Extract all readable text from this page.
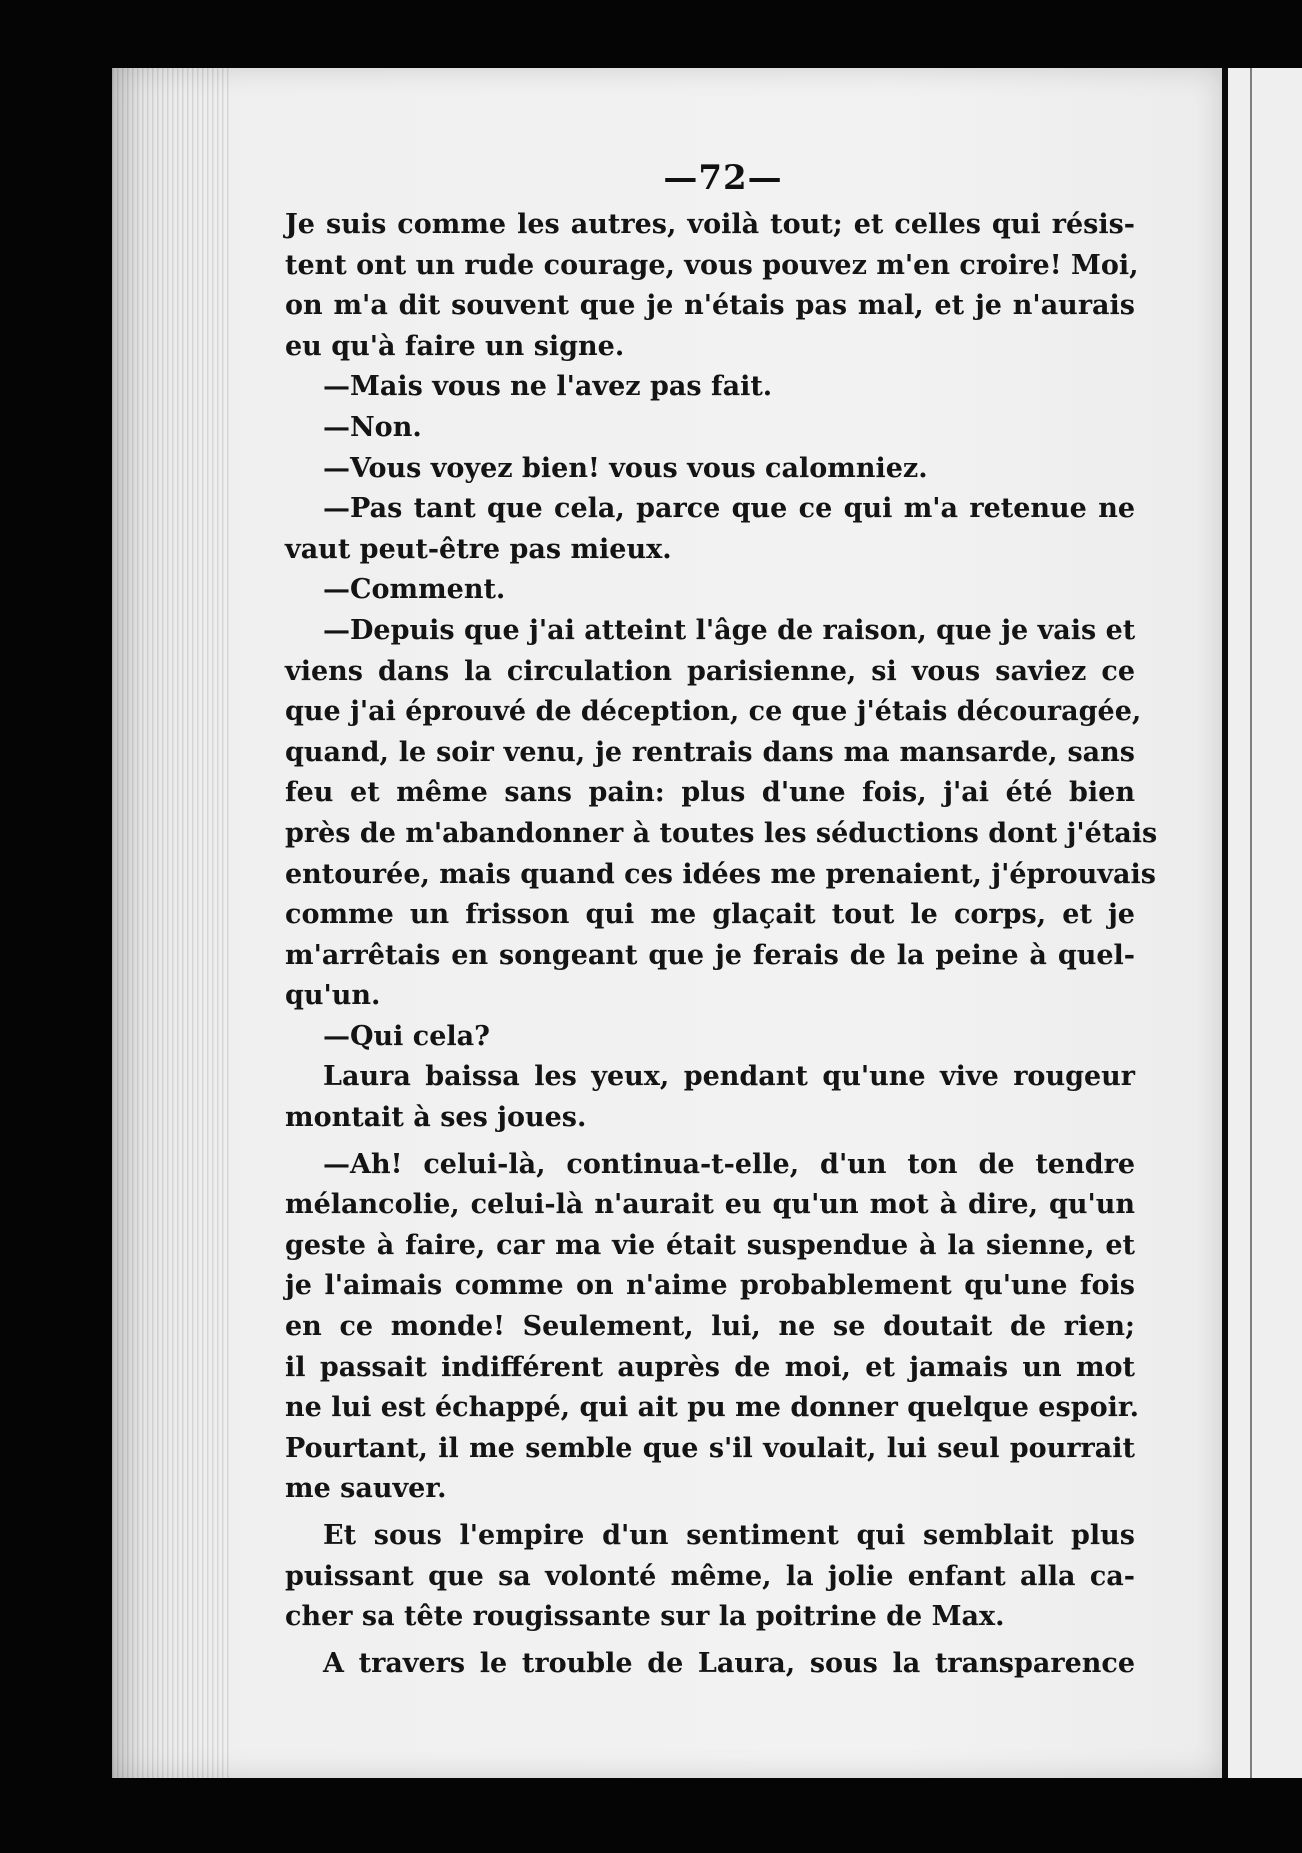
—72—
Je suis comme les autres, voilà tout; et celles qui résis-
tent ont un rude courage, vous pouvez m'en croire! Moi,
on m'a dit souvent que je n'étais pas mal, et je n'aurais
eu qu'à faire un signe.
—Mais vous ne l'avez pas fait.
—Non.
—Vous voyez bien! vous vous calomniez.
—Pas tant que cela, parce que ce qui m'a retenue ne
vaut peut-être pas mieux.
—Comment.
—Depuis que j'ai atteint l'âge de raison, que je vais et
viens dans la circulation parisienne, si vous saviez ce
que j'ai éprouvé de déception, ce que j'étais découragée,
quand, le soir venu, je rentrais dans ma mansarde, sans
feu et même sans pain: plus d'une fois, j'ai été bien
près de m'abandonner à toutes les séductions dont j'étais
entourée, mais quand ces idées me prenaient, j'éprouvais
comme un frisson qui me glaçait tout le corps, et je
m'arrêtais en songeant que je ferais de la peine à quel-
qu'un.
—Qui cela?
Laura baissa les yeux, pendant qu'une vive rougeur
montait à ses joues.
—Ah! celui-là, continua-t-elle, d'un ton de tendre
mélancolie, celui-là n'aurait eu qu'un mot à dire, qu'un
geste à faire, car ma vie était suspendue à la sienne, et
je l'aimais comme on n'aime probablement qu'une fois
en ce monde! Seulement, lui, ne se doutait de rien;
il passait indifférent auprès de moi, et jamais un mot
ne lui est échappé, qui ait pu me donner quelque espoir.
Pourtant, il me semble que s'il voulait, lui seul pourrait
me sauver.
Et sous l'empire d'un sentiment qui semblait plus
puissant que sa volonté même, la jolie enfant alla ca-
cher sa tête rougissante sur la poitrine de Max.
A travers le trouble de Laura, sous la transparence
